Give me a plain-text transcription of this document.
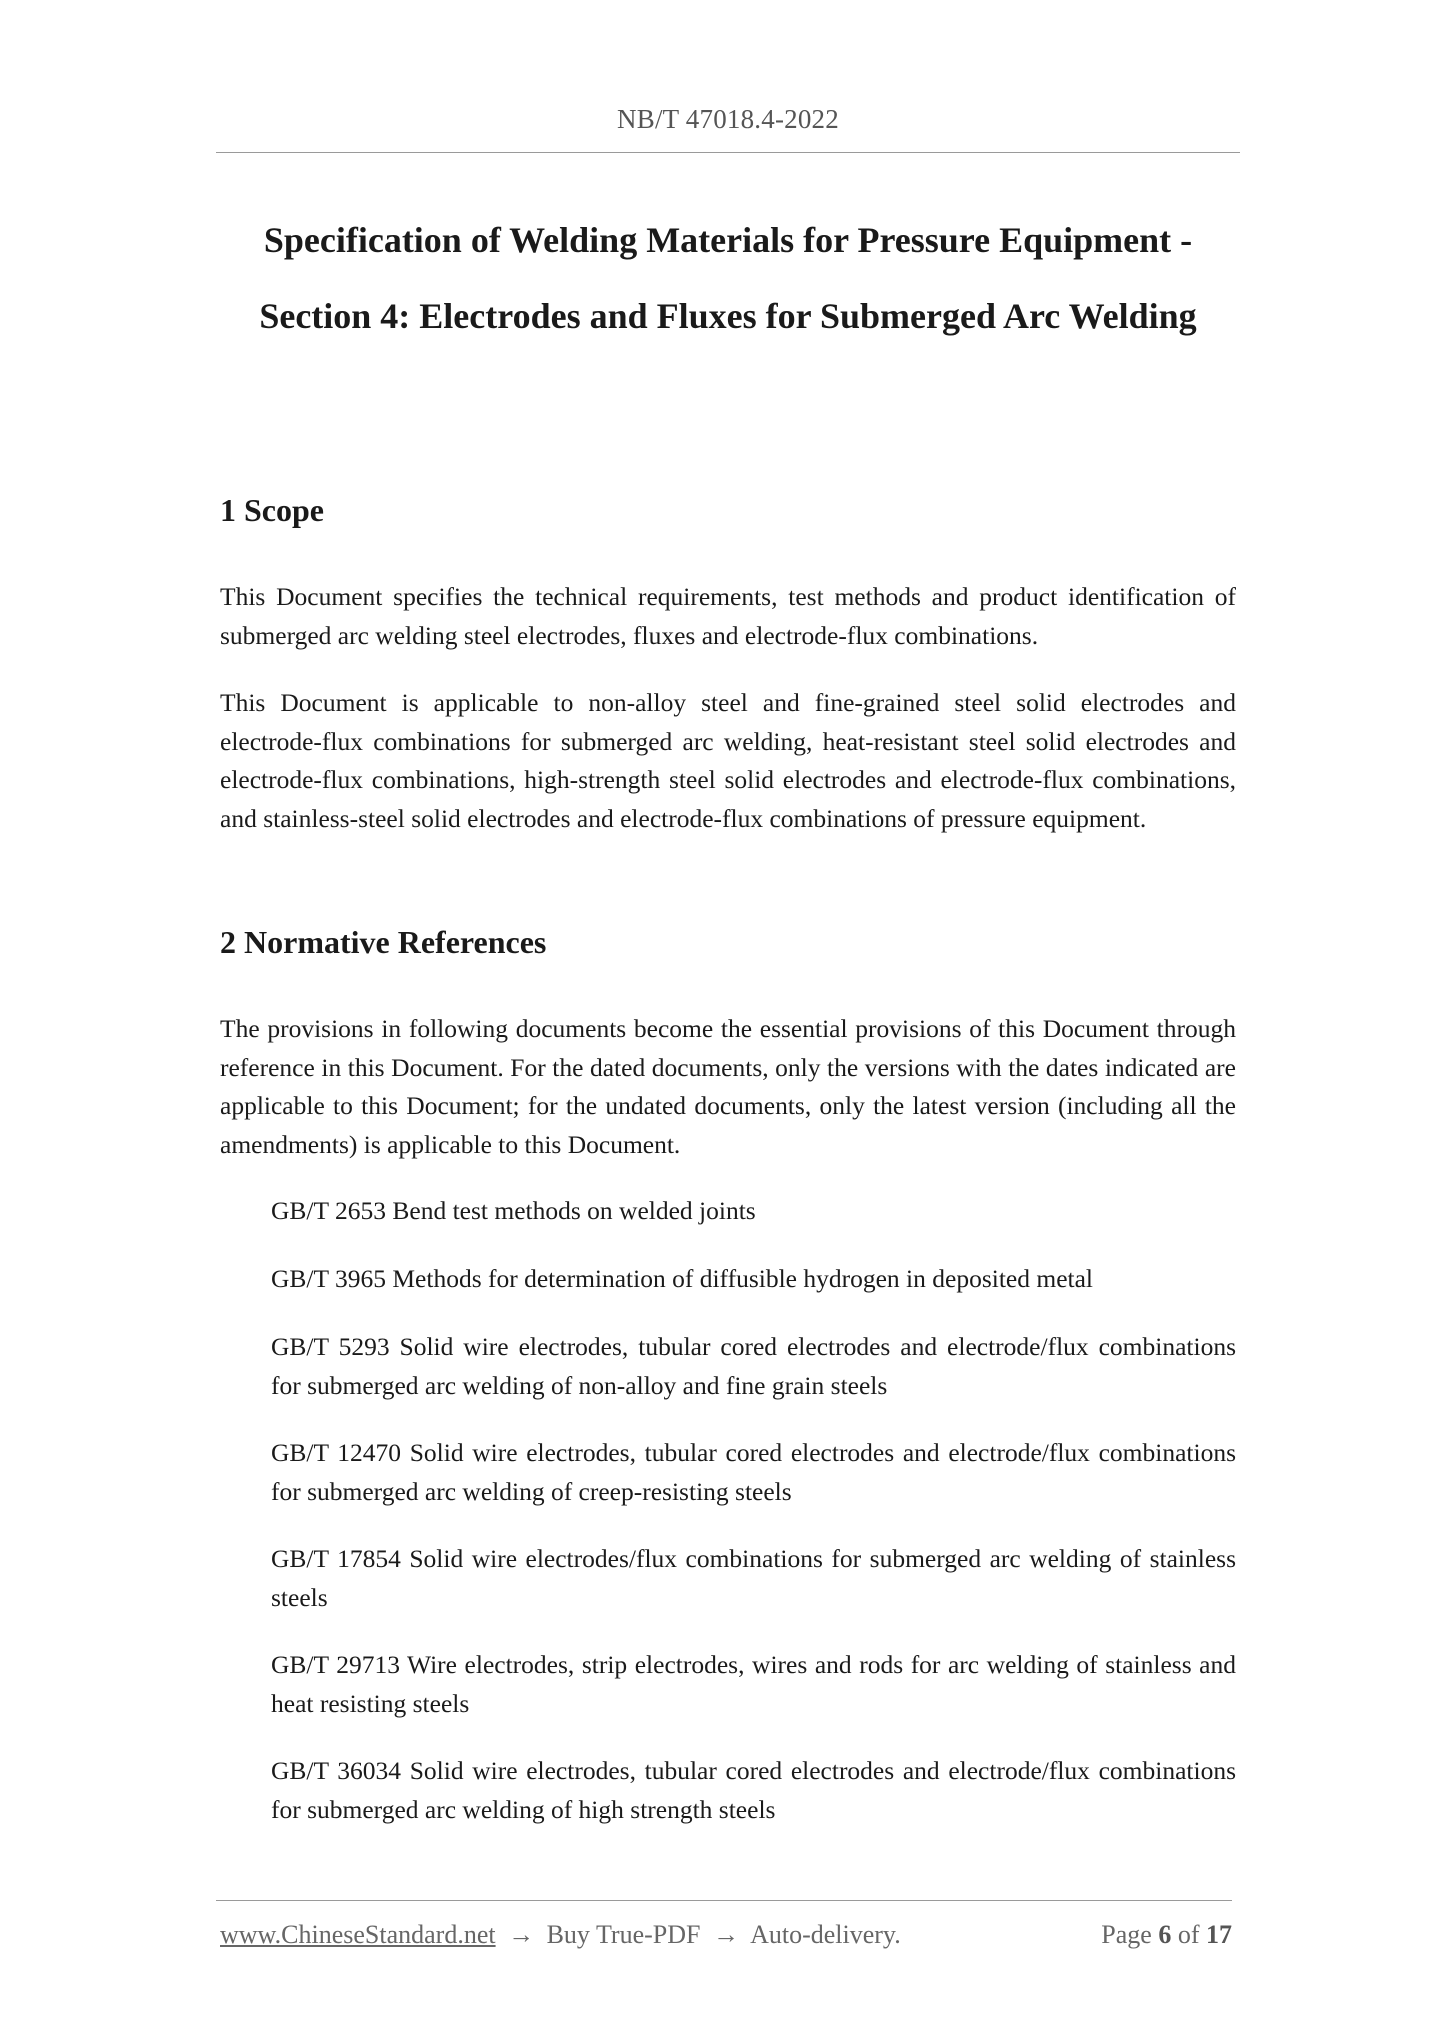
NB/T 47018.4-2022
Specification of Welding Materials for Pressure Equipment -
Section 4: Electrodes and Fluxes for Submerged Arc Welding
1 Scope
This Document specifies the technical requirements, test methods and product identification of submerged arc welding steel electrodes, fluxes and electrode-flux combinations.
This Document is applicable to non-alloy steel and fine-grained steel solid electrodes and electrode-flux combinations for submerged arc welding, heat-resistant steel solid electrodes and electrode-flux combinations, high-strength steel solid electrodes and electrode-flux combinations, and stainless-steel solid electrodes and electrode-flux combinations of pressure equipment.
2 Normative References
The provisions in following documents become the essential provisions of this Document through reference in this Document. For the dated documents, only the versions with the dates indicated are applicable to this Document; for the undated documents, only the latest version (including all the amendments) is applicable to this Document.
GB/T 2653 Bend test methods on welded joints
GB/T 3965 Methods for determination of diffusible hydrogen in deposited metal
GB/T 5293 Solid wire electrodes, tubular cored electrodes and electrode/flux combinations for submerged arc welding of non-alloy and fine grain steels
GB/T 12470 Solid wire electrodes, tubular cored electrodes and electrode/flux combinations for submerged arc welding of creep-resisting steels
GB/T 17854 Solid wire electrodes/flux combinations for submerged arc welding of stainless steels
GB/T 29713 Wire electrodes, strip electrodes, wires and rods for arc welding of stainless and heat resisting steels
GB/T 36034 Solid wire electrodes, tubular cored electrodes and electrode/flux combinations for submerged arc welding of high strength steels
www.ChineseStandard.net → Buy True-PDF → Auto-delivery.	Page 6 of 17
